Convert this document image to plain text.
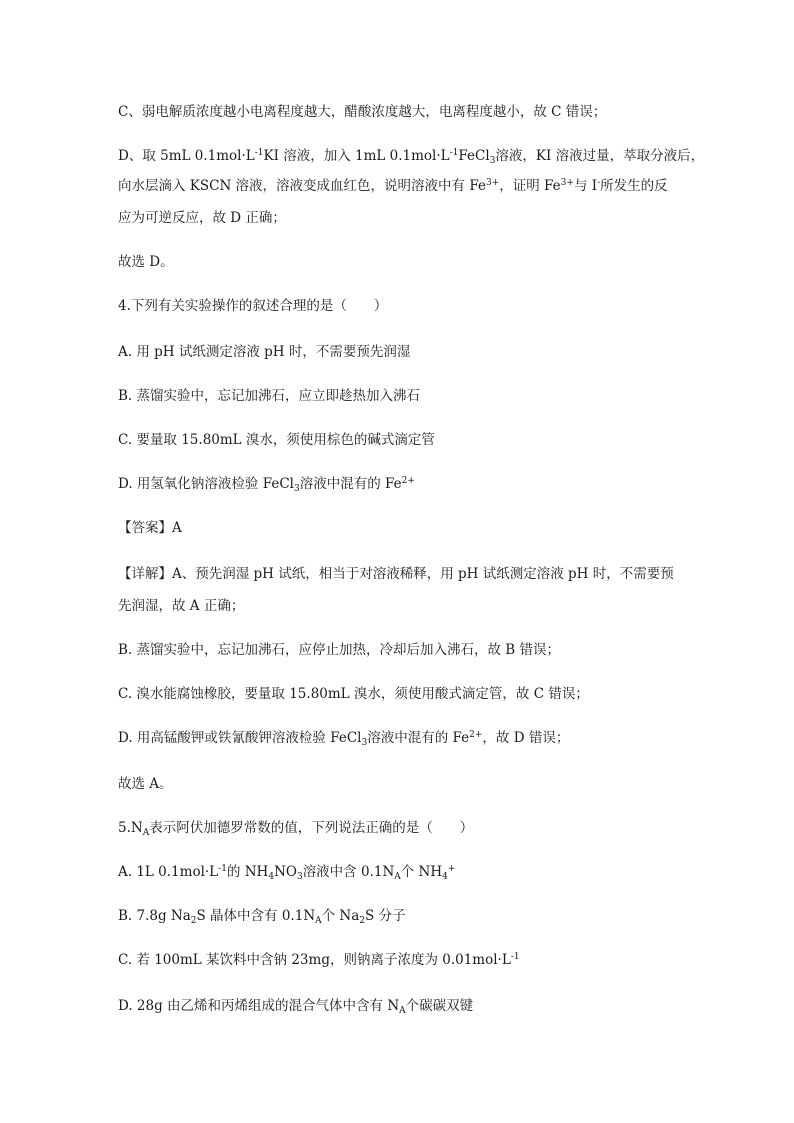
C、弱电解质浓度越小电离程度越大，醋酸浓度越大，电离程度越小，故 C 错误；
D、取 5mL $0.1mol\cdot L^{-1}KI$ 溶液，加入 1mL $0.1mol\cdot L^{-1}FeCl_3$溶液，KI 溶液过量，萃取分液后，
向水层滴入 KSCN 溶液，溶液变成血红色，说明溶液中有 $Fe^{3+}$，证明 $Fe^{3+}$与 I-所发生的反
应为可逆反应，故 D 正确；
故选 D。
4.下列有关实验操作的叙述合理的是（　　）
A. 用 pH 试纸测定溶液 pH 时，不需要预先润湿
B. 蒸馏实验中，忘记加沸石，应立即趁热加入沸石
C. 要量取 15.80mL 溴水，须使用棕色的碱式滴定管
D. 用氢氧化钠溶液检验 FeCl$_3$溶液中混有的 $Fe^{2+}$
【答案】A
【详解】A、预先润湿 pH 试纸，相当于对溶液稀释，用 pH 试纸测定溶液 pH 时，不需要预
先润湿，故 A 正确；
B. 蒸馏实验中，忘记加沸石，应停止加热，冷却后加入沸石，故 B 错误；
C. 溴水能腐蚀橡胶，要量取 15.80mL 溴水，须使用酸式滴定管，故 C 错误；
D. 用高锰酸钾或铁氰酸钾溶液检验 FeCl$_3$溶液中混有的 $Fe^{2+}$，故 D 错误；
故选 A。
$5.N_A$表示阿伏加德罗常数的值，下列说法正确的是（　　）
A. 1L $0.1mol\cdot L^{-1}$的 $NH_4NO_3$溶液中含 $0.1N_A$个 $NH_4^+$
B. 7.8g $Na_2S$ 晶体中含有 $0.1N_A$个 $Na_2S$ 分子
C. 若 100mL 某饮料中含钠 23mg，则钠离子浓度为 $0.01mol\cdot L^{-1}$
D. 28g 由乙烯和丙烯组成的混合气体中含有 $N_A$个碳碳双键
